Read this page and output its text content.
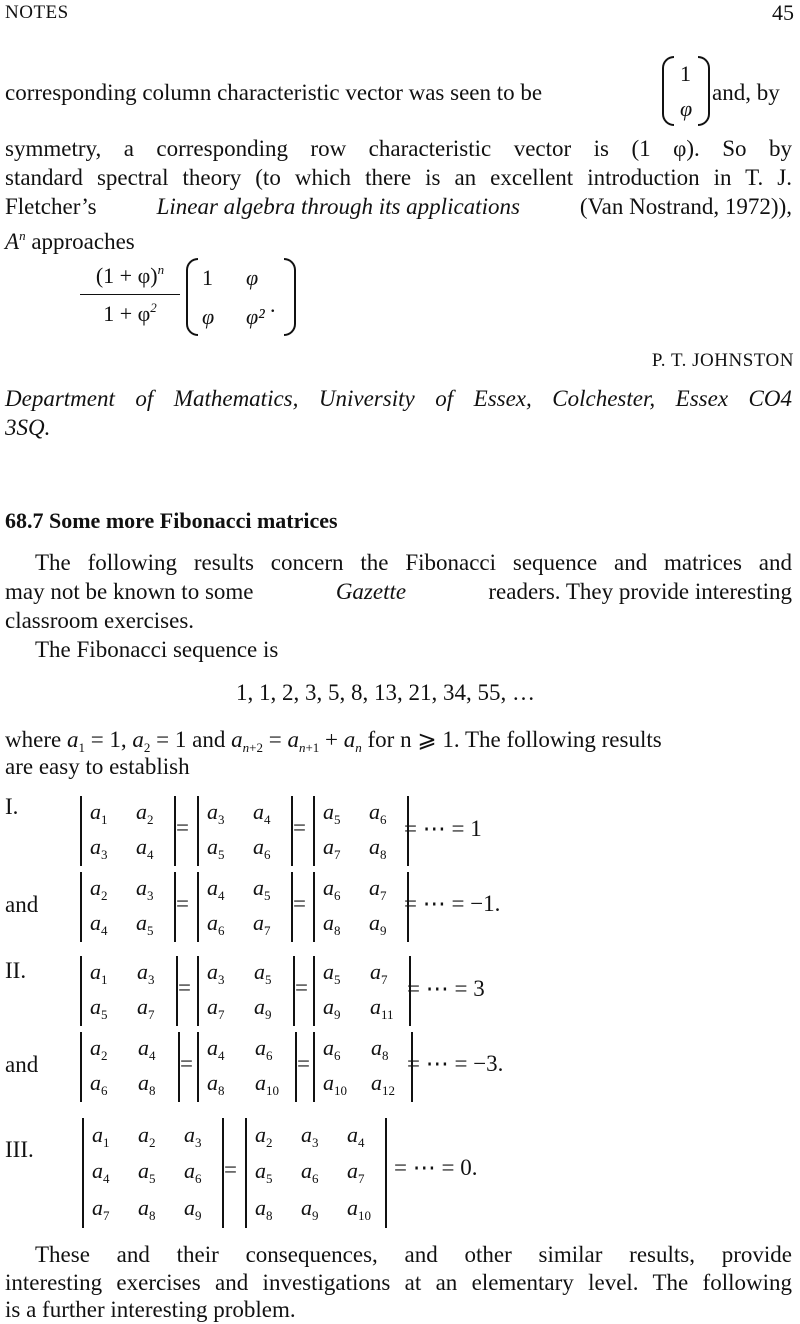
NOTES	45
corresponding column characteristic vector was seen to be
1
φ
and, by
symmetry, a corresponding row characteristic vector is (1 φ). So by
standard spectral theory (to which there is an excellent introduction in T. J.
Fletcher’s	Linear algebra through its applications	(Van Nostrand, 1972)),
$A^n$ approaches
$(1 + \varphi)^n$
$1 + \varphi^2$
1 φ
φ φ² .
P. T. JOHNSTON
Department of Mathematics, University of Essex, Colchester, Essex CO4
3SQ.
68.7 Some more Fibonacci matrices
The following results concern the Fibonacci sequence and matrices and
may not be known to some	Gazette	readers. They provide interesting
classroom exercises.
The Fibonacci sequence is
1, 1, 2, 3, 5, 8, 13, 21, 34, 55, …
where $a_1 = 1$, $a_2 = 1$ and $a_{n+2} = a_{n+1} + a_n$ for n ⩾ 1. The following results
are easy to establish
I.
and
II.
and
III.
= ⋯ = 1
= ⋯ = −1.
= ⋯ = 3
= ⋯ = −3.
= ⋯ = 0.
$a_1$	$a_2$
$a_3$	$a_4$
=
$a_3$	$a_4$
$a_5$	$a_6$
=
$a_5$	$a_6$
$a_7$	$a_8$
$a_2$	$a_3$
$a_4$	$a_5$
=
$a_4$	$a_5$
$a_6$	$a_7$
=
$a_6$	$a_7$
$a_8$	$a_9$
$a_1$	$a_3$
$a_5$	$a_7$
=
$a_3$	$a_5$
$a_7$	$a_9$
=
$a_5$	$a_7$
$a_9$	$a_{11}$
$a_2$	$a_4$
$a_6$	$a_8$
=
$a_4$	$a_6$
$a_8$	$a_{10}$
=
$a_6$	$a_8$
$a_{10}$	$a_{12}$
$a_1$	$a_2$	$a_3$
$a_4$	$a_5$	$a_6$
$a_7$	$a_8$	$a_9$
=
$a_2$	$a_3$	$a_4$
$a_5$	$a_6$	$a_7$
$a_8$	$a_9$	$a_{10}$
These and their consequences, and other similar results, provide
interesting exercises and investigations at an elementary level. The following
is a further interesting problem.
